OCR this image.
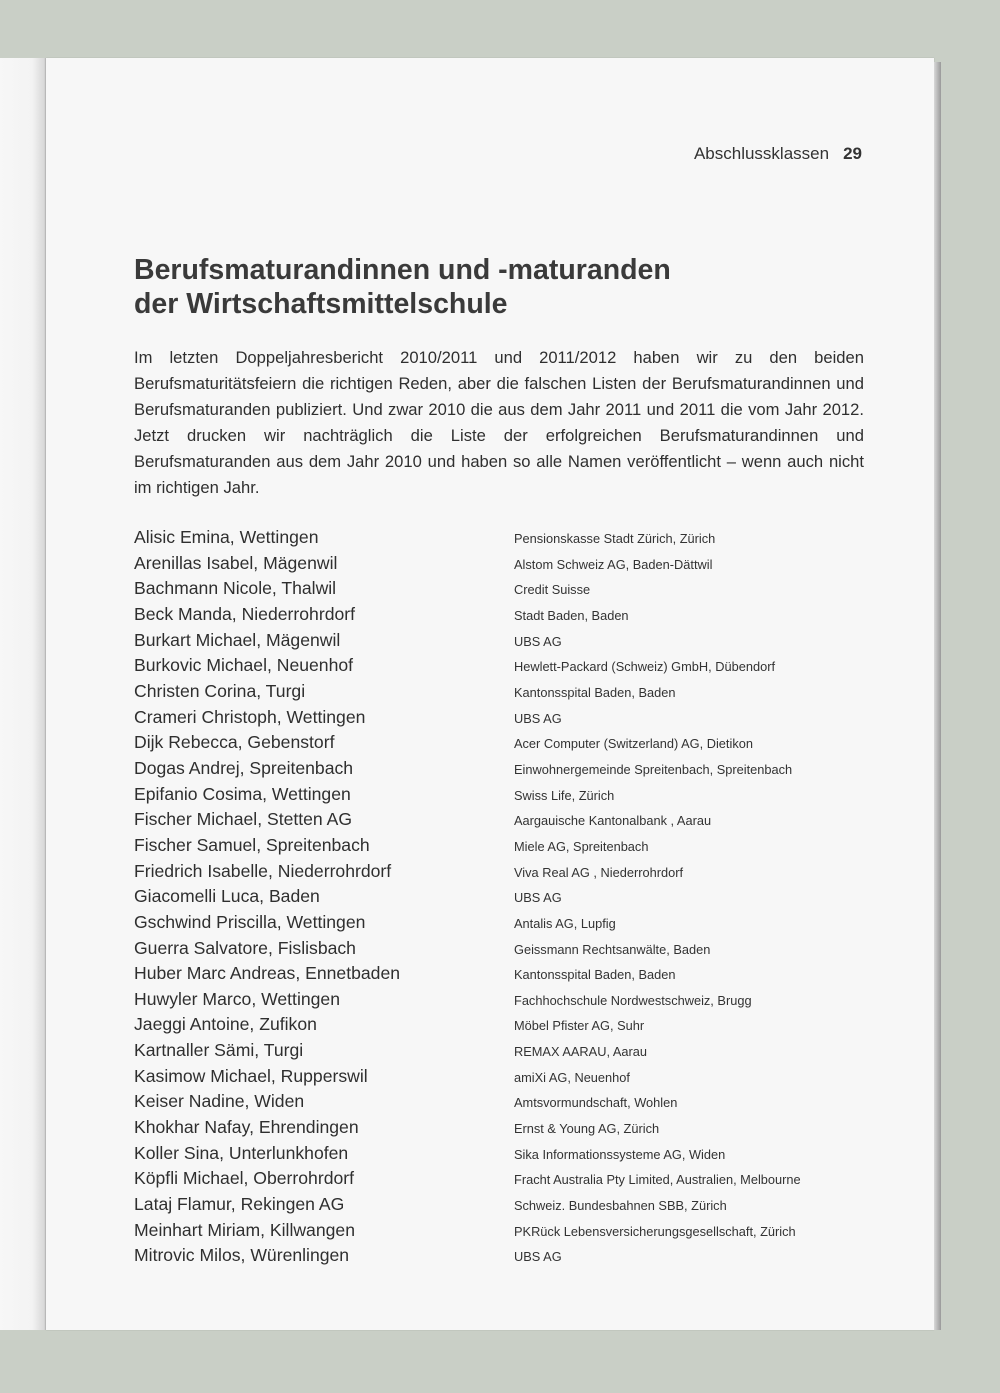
Abschlussklassen 29
Berufsmaturandinnen und -maturanden
der Wirtschaftsmittelschule

Im letzten Doppeljahresbericht 2010/2011 und 2011/2012 haben wir zu den beiden Berufsmaturitätsfeiern die richtigen Reden, aber die falschen Listen der Berufsmaturandinnen und Berufsmaturanden publiziert. Und zwar 2010 die aus dem Jahr 2011 und 2011 die vom Jahr 2012. Jetzt drucken wir nachträglich die Liste der erfolgreichen Berufsmaturandinnen und Berufsmaturanden aus dem Jahr 2010 und haben so alle Namen veröffentlicht – wenn auch nicht im richtigen Jahr.

Alisic Emina, Wettingen	Pensionskasse Stadt Zürich, Zürich
Arenillas Isabel, Mägenwil	Alstom Schweiz AG, Baden-Dättwil
Bachmann Nicole, Thalwil	Credit Suisse
Beck Manda, Niederrohrdorf	Stadt Baden, Baden
Burkart Michael, Mägenwil	UBS AG
Burkovic Michael, Neuenhof	Hewlett-Packard (Schweiz) GmbH, Dübendorf
Christen Corina, Turgi	Kantonsspital Baden, Baden
Crameri Christoph, Wettingen	UBS AG
Dijk Rebecca, Gebenstorf	Acer Computer (Switzerland) AG, Dietikon
Dogas Andrej, Spreitenbach	Einwohnergemeinde Spreitenbach, Spreitenbach
Epifanio Cosima, Wettingen	Swiss Life, Zürich
Fischer Michael, Stetten AG	Aargauische Kantonalbank , Aarau
Fischer Samuel, Spreitenbach	Miele AG, Spreitenbach
Friedrich Isabelle, Niederrohrdorf	Viva Real AG , Niederrohrdorf
Giacomelli Luca, Baden	UBS AG
Gschwind Priscilla, Wettingen	Antalis AG, Lupfig
Guerra Salvatore, Fislisbach	Geissmann Rechtsanwälte, Baden
Huber Marc Andreas, Ennetbaden	Kantonsspital Baden, Baden
Huwyler Marco, Wettingen	Fachhochschule Nordwestschweiz, Brugg
Jaeggi Antoine, Zufikon	Möbel Pfister AG, Suhr
Kartnaller Sämi, Turgi	REMAX AARAU, Aarau
Kasimow Michael, Rupperswil	amiXi AG, Neuenhof
Keiser Nadine, Widen	Amtsvormundschaft, Wohlen
Khokhar Nafay, Ehrendingen	Ernst & Young AG, Zürich
Koller Sina, Unterlunkhofen	Sika Informationssysteme AG, Widen
Köpfli Michael, Oberrohrdorf	Fracht Australia Pty Limited, Australien, Melbourne
Lataj Flamur, Rekingen AG	Schweiz. Bundesbahnen SBB, Zürich
Meinhart Miriam, Killwangen	PKRück Lebensversicherungsgesellschaft, Zürich
Mitrovic Milos, Würenlingen	UBS AG
